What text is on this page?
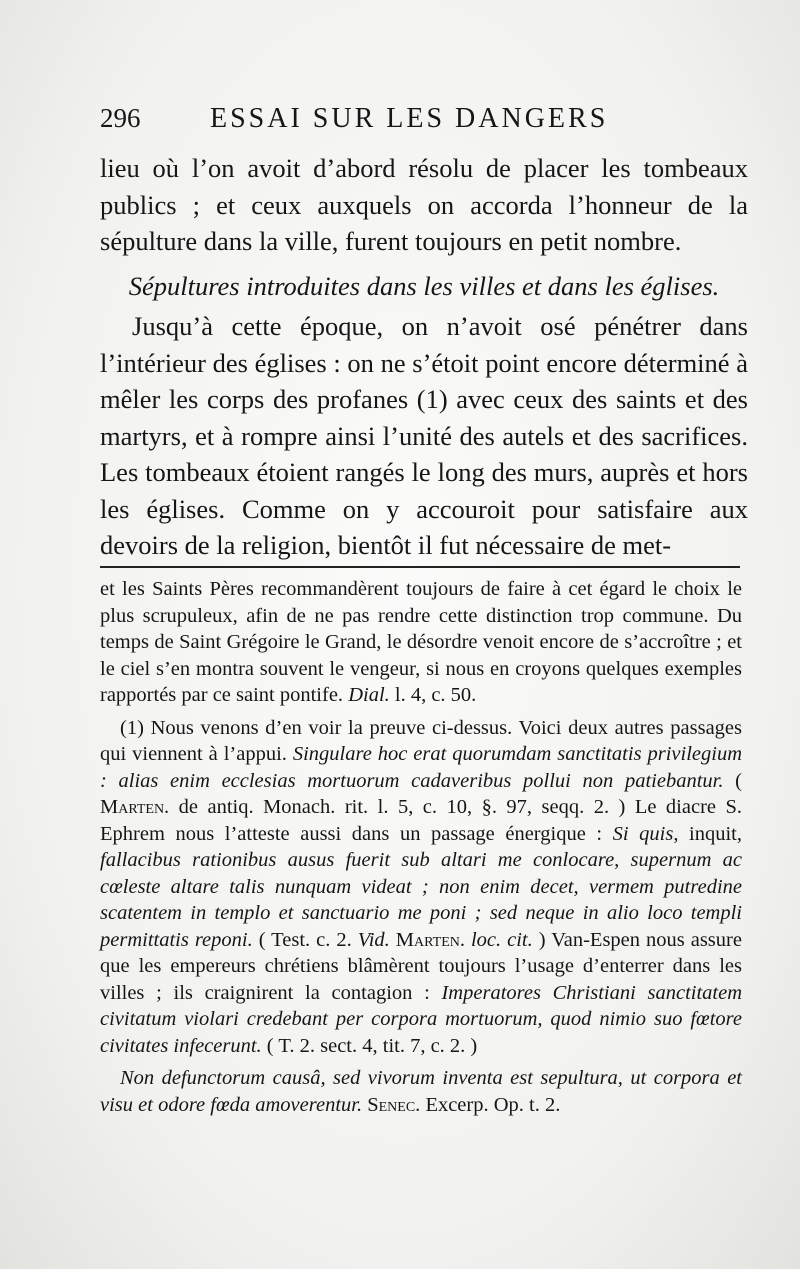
296 ESSAI SUR LES DANGERS

lieu où l’on avoit d’abord résolu de placer les tombeaux publics ; et ceux auxquels on accorda l’honneur de la sépulture dans la ville, furent toujours en petit nombre.

Sépultures introduites dans les villes et dans les églises.

Jusqu’à cette époque, on n’avoit osé pénétrer dans l’intérieur des églises : on ne s’étoit point encore déterminé à mêler les corps des profanes (1) avec ceux des saints et des martyrs, et à rompre ainsi l’unité des autels et des sacrifices. Les tombeaux étoient rangés le long des murs, auprès et hors les églises. Comme on y accouroit pour satisfaire aux devoirs de la religion, bientôt il fut nécessaire de met-

et les Saints Pères recommandèrent toujours de faire à cet égard le choix le plus scrupuleux, afin de ne pas rendre cette distinction trop commune. Du temps de Saint Grégoire le Grand, le désordre venoit encore de s’accroître ; et le ciel s’en montra souvent le vengeur, si nous en croyons quelques exemples rapportés par ce saint pontife. Dial. l. 4, c. 50.

(1) Nous venons d’en voir la preuve ci-dessus. Voici deux autres passages qui viennent à l’appui. Singulare hoc erat quorumdam sanctitatis privilegium : alias enim ecclesias mortuorum cadaveribus pollui non patiebantur. ( Marten. de antiq. Monach. rit. l. 5, c. 10, §. 97, seqq. 2. ) Le diacre S. Ephrem nous l’atteste aussi dans un passage énergique : Si quis, inquit, fallacibus rationibus ausus fuerit sub altari me conlocare, supernum ac cœleste altare talis nunquam videat ; non enim decet, vermem putredine scatentem in templo et sanctuario me poni ; sed neque in alio loco templi permittatis reponi. ( Test. c. 2. Vid. Marten. loc. cit. ) Van-Espen nous assure que les empereurs chrétiens blâmèrent toujours l’usage d’enterrer dans les villes ; ils craignirent la contagion : Imperatores Christiani sanctitatem civitatum violari credebant per corpora mortuorum, quod nimio suo fœtore civitates infecerunt. ( T. 2. sect. 4, tit. 7, c. 2. )

Non defunctorum causâ, sed vivorum inventa est sepultura, ut corpora et visu et odore fœda amoverentur. Senec. Excerp. Op. t. 2.
